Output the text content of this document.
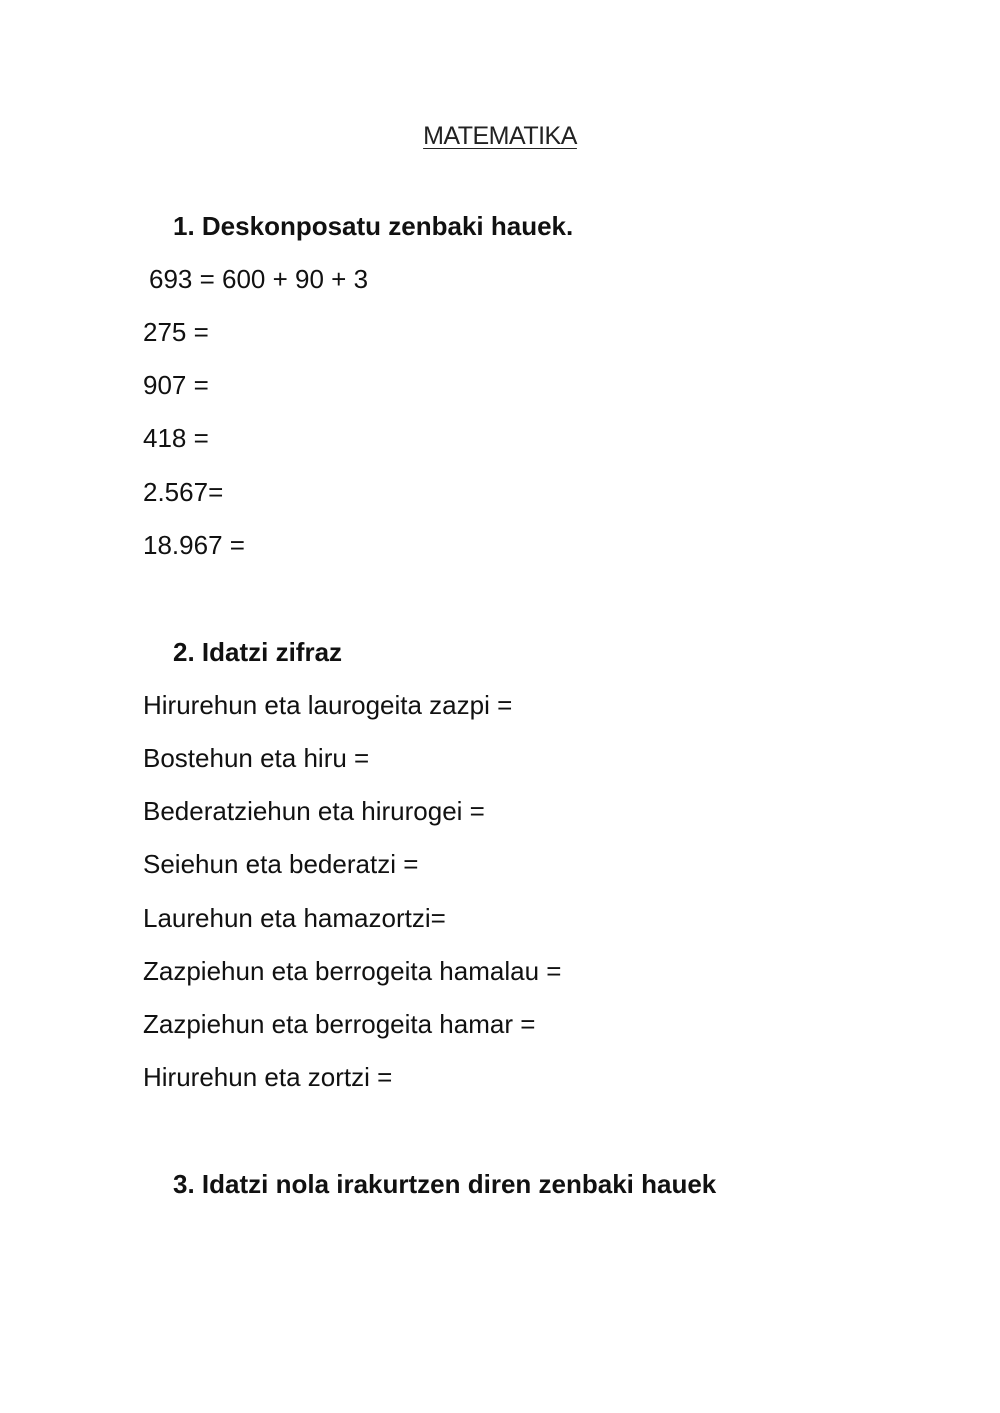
MATEMATIKA
1. Deskonposatu zenbaki hauek.
693 = 600 + 90 + 3
275 =
907 =
418 =
2.567=
18.967 =
2. Idatzi zifraz
Hirurehun eta laurogeita zazpi =
Bostehun eta hiru =
Bederatziehun eta hirurogei =
Seiehun eta bederatzi =
Laurehun eta hamazortzi=
Zazpiehun eta berrogeita hamalau =
Zazpiehun eta berrogeita hamar =
Hirurehun eta zortzi =
3. Idatzi nola irakurtzen diren zenbaki hauek
